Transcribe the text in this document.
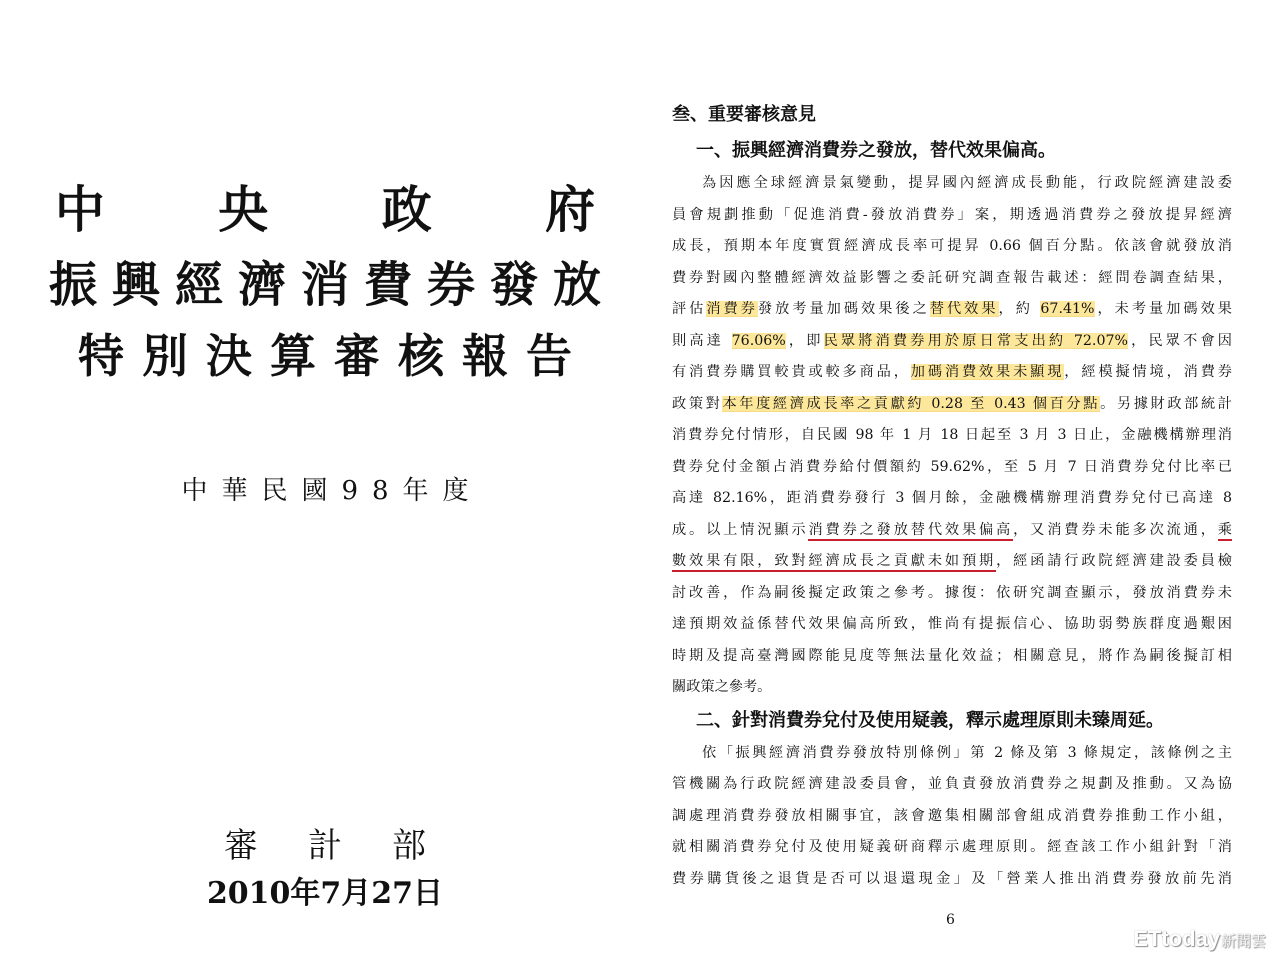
中 央 政 府
振興經濟消費券發放
特別決算審核報告
中華民國98年度
審計部
2010年7月27日
叁、重要審核意見
一、振興經濟消費券之發放，替代效果偏高。
為因應全球經濟景氣變動，提昇國內經濟成長動能，行政院經濟建設委
員會規劃推動「促進消費-發放消費券」案，期透過消費券之發放提昇經濟
成長，預期本年度實質經濟成長率可提昇 0.66 個百分點。依該會就發放消
費券對國內整體經濟效益影響之委託研究調查報告載述：經問卷調查結果，
評估消費券發放考量加碼效果後之替代效果，約 67.41%，未考量加碼效果
則高達 76.06%，即民眾將消費券用於原日常支出約 72.07%，民眾不會因
有消費券購買較貴或較多商品，加碼消費效果未顯現，經模擬情境，消費券
政策對本年度經濟成長率之貢獻約 0.28 至 0.43 個百分點。另據財政部統計
消費券兌付情形，自民國 98 年 1 月 18 日起至 3 月 3 日止，金融機構辦理消
費券兌付金額占消費券給付價額約 59.62%，至 5 月 7 日消費券兌付比率已
高達 82.16%，距消費券發行 3 個月餘，金融機構辦理消費券兌付已高達 8
成。以上情況顯示消費券之發放替代效果偏高，又消費券未能多次流通，乘
數效果有限，致對經濟成長之貢獻未如預期，經函請行政院經濟建設委員檢
討改善，作為嗣後擬定政策之參考。據復：依研究調查顯示，發放消費券未
達預期效益係替代效果偏高所致，惟尚有提振信心、協助弱勢族群度過艱困
時期及提高臺灣國際能見度等無法量化效益；相關意見，將作為嗣後擬訂相
關政策之參考。
二、針對消費券兌付及使用疑義，釋示處理原則未臻周延。
依「振興經濟消費券發放特別條例」第 2 條及第 3 條規定，該條例之主
管機關為行政院經濟建設委員會，並負責發放消費券之規劃及推動。又為協
調處理消費券發放相關事宜，該會邀集相關部會組成消費券推動工作小組，
就相關消費券兌付及使用疑義研商釋示處理原則。經查該工作小組針對「消
費券購貨後之退貨是否可以退還現金」及「營業人推出消費券發放前先消
6
ETtoday新聞雲
